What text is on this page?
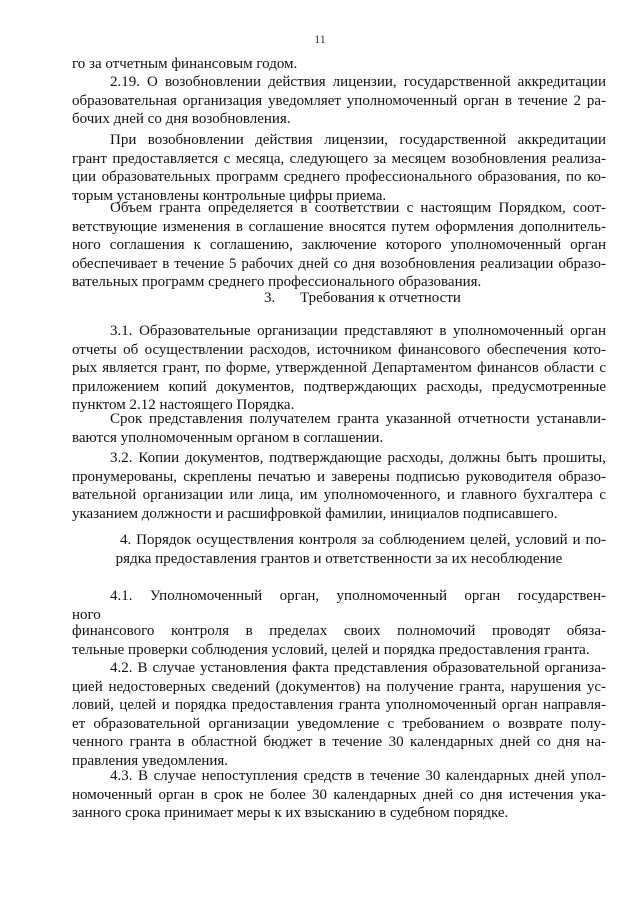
11
го за отчетным финансовым годом.
2.19. О возобновлении действия лицензии, государственной аккредитации
образовательная организация уведомляет уполномоченный орган в течение 2 ра-
бочих дней со дня возобновления.
При возобновлении действия лицензии, государственной аккредитации
грант предоставляется с месяца, следующего за месяцем возобновления реализа-
ции образовательных программ среднего профессионального образования, по ко-
торым установлены контрольные цифры приема.
Объем гранта определяется в соответствии с настоящим Порядком, соот-
ветствующие изменения в соглашение вносятся путем оформления дополнитель-
ного соглашения к соглашению, заключение которого уполномоченный орган
обеспечивает в течение 5 рабочих дней со дня возобновления реализации образо-
вательных программ среднего профессионального образования.
3. Требования к отчетности
3.1. Образовательные организации представляют в уполномоченный орган
отчеты об осуществлении расходов, источником финансового обеспечения кото-
рых является грант, по форме, утвержденной Департаментом финансов области с
приложением копий документов, подтверждающих расходы, предусмотренные
пунктом 2.12 настоящего Порядка.
Срок представления получателем гранта указанной отчетности устанавли-
ваются уполномоченным органом в соглашении.
3.2. Копии документов, подтверждающие расходы, должны быть прошиты,
пронумерованы, скреплены печатью и заверены подписью руководителя образо-
вательной организации или лица, им уполномоченного, и главного бухгалтера с
указанием должности и расшифровкой фамилии, инициалов подписавшего.
4. Порядок осуществления контроля за соблюдением целей, условий и по-
рядка предоставления грантов и ответственности за их несоблюдение
4.1. Уполномоченный орган, уполномоченный орган государствен-
ного
финансового контроля в пределах своих полномочий проводят обяза-
тельные проверки соблюдения условий, целей и порядка предоставления гранта.
4.2. В случае установления факта представления образовательной организа-
цией недостоверных сведений (документов) на получение гранта, нарушения ус-
ловий, целей и порядка предоставления гранта уполномоченный орган направля-
ет образовательной организации уведомление с требованием о возврате полу-
ченного гранта в областной бюджет в течение 30 календарных дней со дня на-
правления уведомления.
4.3. В случае непоступления средств в течение 30 календарных дней упол-
номоченный орган в срок не более 30 календарных дней со дня истечения ука-
занного срока принимает меры к их взысканию в судебном порядке.
